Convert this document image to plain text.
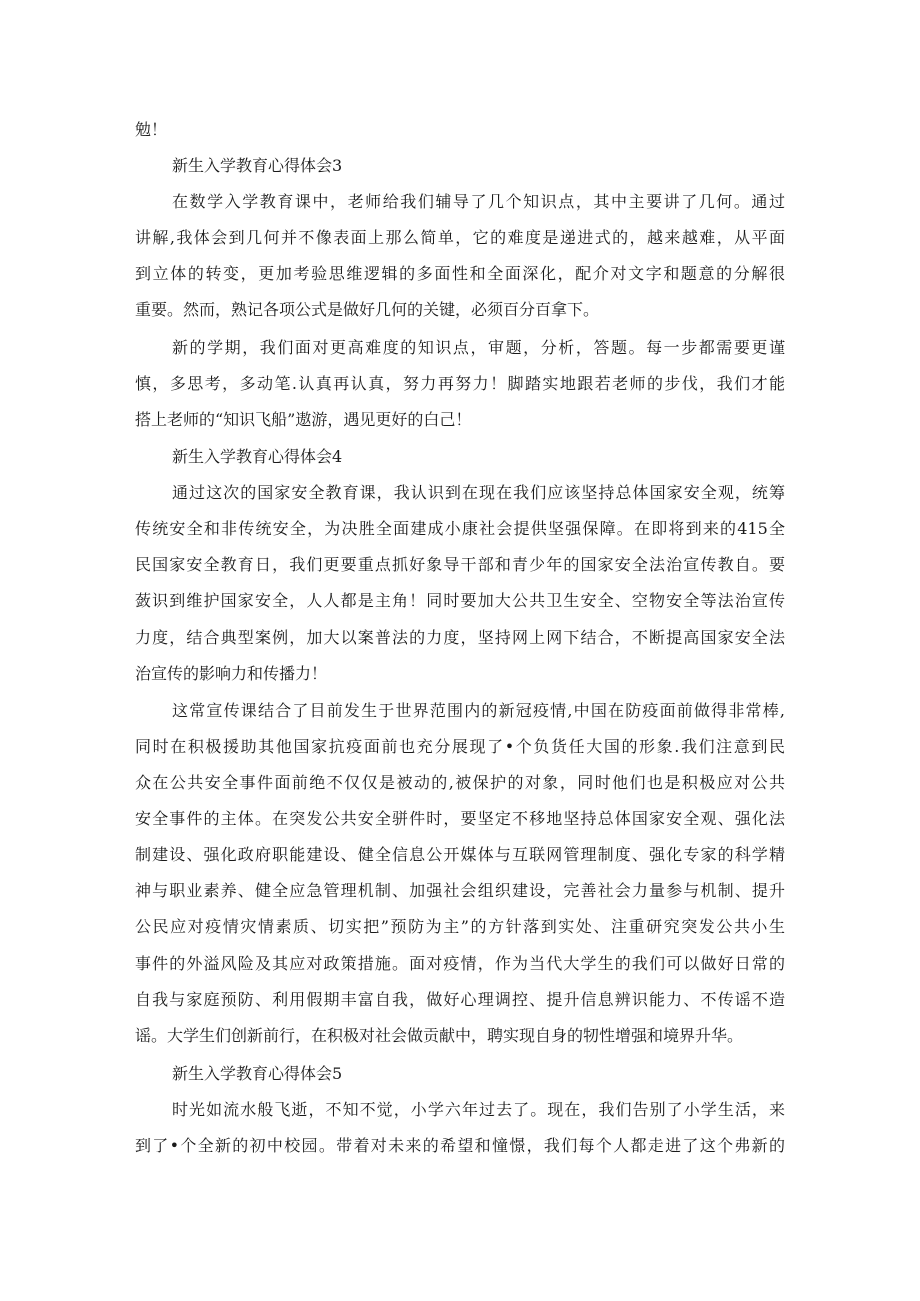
勉！
新生入学教育心得体会3
在数学入学教育课中，老师给我们辅导了几个知识点，其中主要讲了几何。通过
讲解,我体会到几何并不像表面上那么简单，它的难度是递进式的，越来越难，从平面
到立体的转变，更加考验思维逻辑的多面性和全面深化，配介对文字和题意的分解很
重要。然而，熟记各项公式是做好几何的关键，必须百分百拿下。
新的学期，我们面对更高难度的知识点，审题，分析，答题。每一步都需要更谨
慎，多思考，多动笔.认真再认真，努力再努力！脚踏实地跟若老师的步伐，我们才能
搭上老师的“知识飞船”遨游，遇见更好的白己！
新生入学教育心得体会4
通过这次的国家安全教育课，我认识到在现在我们应该坚持总体国家安全观，统筹
传统安全和非传统安全，为决胜全面建成小康社会提供坚强保障。在即将到来的415全
民国家安全教育日，我们更要重点抓好象导干部和青少年的国家安全法治宣传教自。要
蔹识到维护国家安全，人人都是主角！同时要加大公共卫生安全、空物安全等法治宣传
力度，结合典型案例，加大以案普法的力度，坚持网上网下结合，不断提高国家安全法
治宣传的影响力和传播力！
这常宣传课结合了目前发生于世界范围内的新冠疫情,中国在防疫面前做得非常棒,
同时在积极援助其他国家抗疫面前也充分展现了•个负货任大国的形象.我们注意到民
众在公共安全事件面前绝不仅仅是被动的,被保护的对象，同时他们也是积极应对公共
安全事件的主体。在突发公共安全骈件时，要坚定不移地坚持总体国家安全观、强化法
制建设、强化政府职能建设、健全信息公开媒体与互联网管理制度、强化专家的科学精
神与职业素养、健全应急管理机制、加强社会组织建设，完善社会力量参与机制、提升
公民应对疫情灾情素质、切实把”预防为主”的方针落到实处、注重研究突发公共小生
事件的外溢风险及其应对政策措施。面对疫情，作为当代大学生的我们可以做好日常的
自我与家庭预防、利用假期丰富自我，做好心理调控、提升信息辨识能力、不传谣不造
谣。大学生们创新前行，在积极对社会做贡献中，聘实现自身的牣性增强和境界升华。
新生入学教育心得体会5
时光如流水般飞逝，不知不觉，小学六年过去了。现在，我们告别了小学生活，来
到了•个全新的初中校园。带着对未来的希望和憧憬，我们每个人都走进了这个弗新的
